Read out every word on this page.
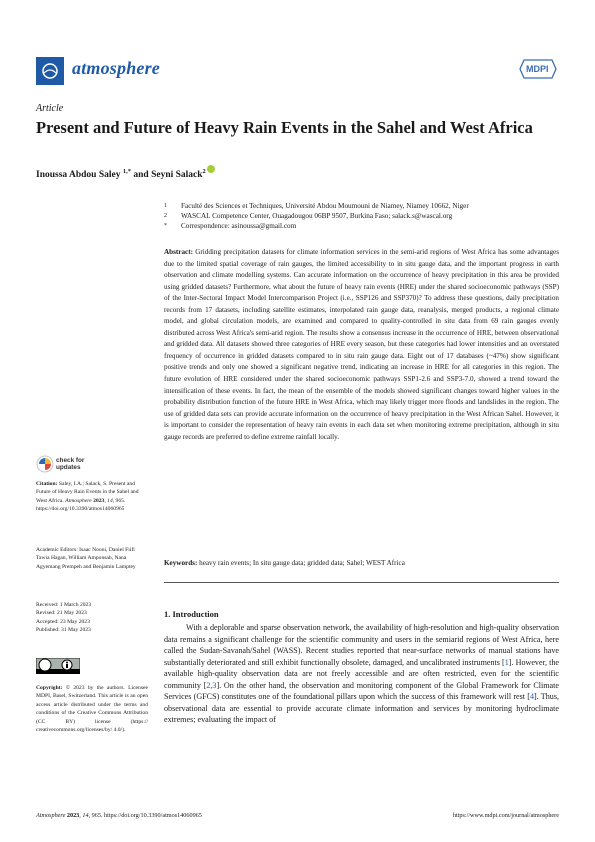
atmosphere	MDPI
Article
Present and Future of Heavy Rain Events in the Sahel and West Africa
Inoussa Abdou Saley $^{1,*}$ and Seyni Salack$^2$
1 Faculté des Sciences et Techniques, Université Abdou Moumouni de Niamey, Niamey 10662, Niger
2 WASCAL Competence Center, Ouagadougou 06BP 9507, Burkina Faso; salack.s@wascal.org
* Correspondence: asinoussa@gmail.com
Abstract: Gridding precipitation datasets for climate information services in the semi-arid regions of West Africa has some advantages due to the limited spatial coverage of rain gauges, the limited accessibility to in situ gauge data, and the important progress in earth observation and climate modelling systems. Can accurate information on the occurrence of heavy precipitation in this area be provided using gridded datasets? Furthermore, what about the future of heavy rain events (HRE) under the shared socioeconomic pathways (SSP) of the Inter-Sectoral Impact Model Intercomparison Project (i.e., SSP126 and SSP370)? To address these questions, daily precipitation records from 17 datasets, including satellite estimates, interpolated rain gauge data, reanalysis, merged products, a regional climate model, and global circulation models, are examined and compared to quality-controlled in situ data from 69 rain gauges evenly distributed across West Africa's semi-arid region. The results show a consensus increase in the occurrence of HRE, between observational and gridded data. All datasets showed three categories of HRE every season, but these categories had lower intensities and an overstated frequency of occurrence in gridded datasets compared to in situ rain gauge data. Eight out of 17 databases (~47%) show significant positive trends and only one showed a significant negative trend, indicating an increase in HRE for all categories in this region. The future evolution of HRE considered under the shared socioeconomic pathways SSP1-2.6 and SSP3-7.0, showed a trend toward the intensification of these events. In fact, the mean of the ensemble of the models showed significant changes toward higher values in the probability distribution function of the future HRE in West Africa, which may likely trigger more floods and landslides in the region. The use of gridded data sets can provide accurate information on the occurrence of heavy precipitation in the West African Sahel. However, it is important to consider the representation of heavy rain events in each data set when monitoring extreme precipitation, although in situ gauge records are preferred to define extreme rainfall locally.
Keywords: heavy rain events; In situ gauge data; gridded data; Sahel; WEST Africa
1. Introduction

With a deplorable and sparse observation network, the availability of high-resolution and high-quality observation data remains a significant challenge for the scientific community and users in the semiarid regions of West Africa, here called the Sudan-Savanah/Sahel (WASS). Recent studies reported that near-surface networks of manual stations have substantially deteriorated and still exhibit functionally obsolete, damaged, and uncalibrated instruments [1]. However, the available high-quality observation data are not freely accessible and are often restricted, even for the scientific community [2,3]. On the other hand, the observation and monitoring component of the Global Framework for Climate Services (GFCS) constitutes one of the foundational pillars upon which the success of this framework will rest [4]. Thus, observational data are essential to provide accurate climate information and services by monitoring hydroclimate extremes; evaluating the impact of

check for
updates
Citation: Saley, I.A.; Salack, S. Present and Future of Heavy Rain Events in the Sahel and West Africa. Atmosphere 2023, 14, 965. https://doi.org/10.3390/atmos14060965
Academic Editors: Isaac Nooni, Daniel Fiifi Tawia Hagan, William Amponsah, Nana Agyemang Prempeh and Benjamin Lamptey
Received: 1 March 2023
Revised: 21 May 2023
Accepted: 23 May 2023
Published: 31 May 2023
Copyright: © 2023 by the authors. Licensee MDPI, Basel, Switzerland. This article is an open access article distributed under the terms and conditions of the Creative Commons Attribution (CC BY) license (https:// creativecommons.org/licenses/by/ 4.0/).
Atmosphere 2023, 14, 965. https://doi.org/10.3390/atmos14060965	https://www.mdpi.com/journal/atmosphere
